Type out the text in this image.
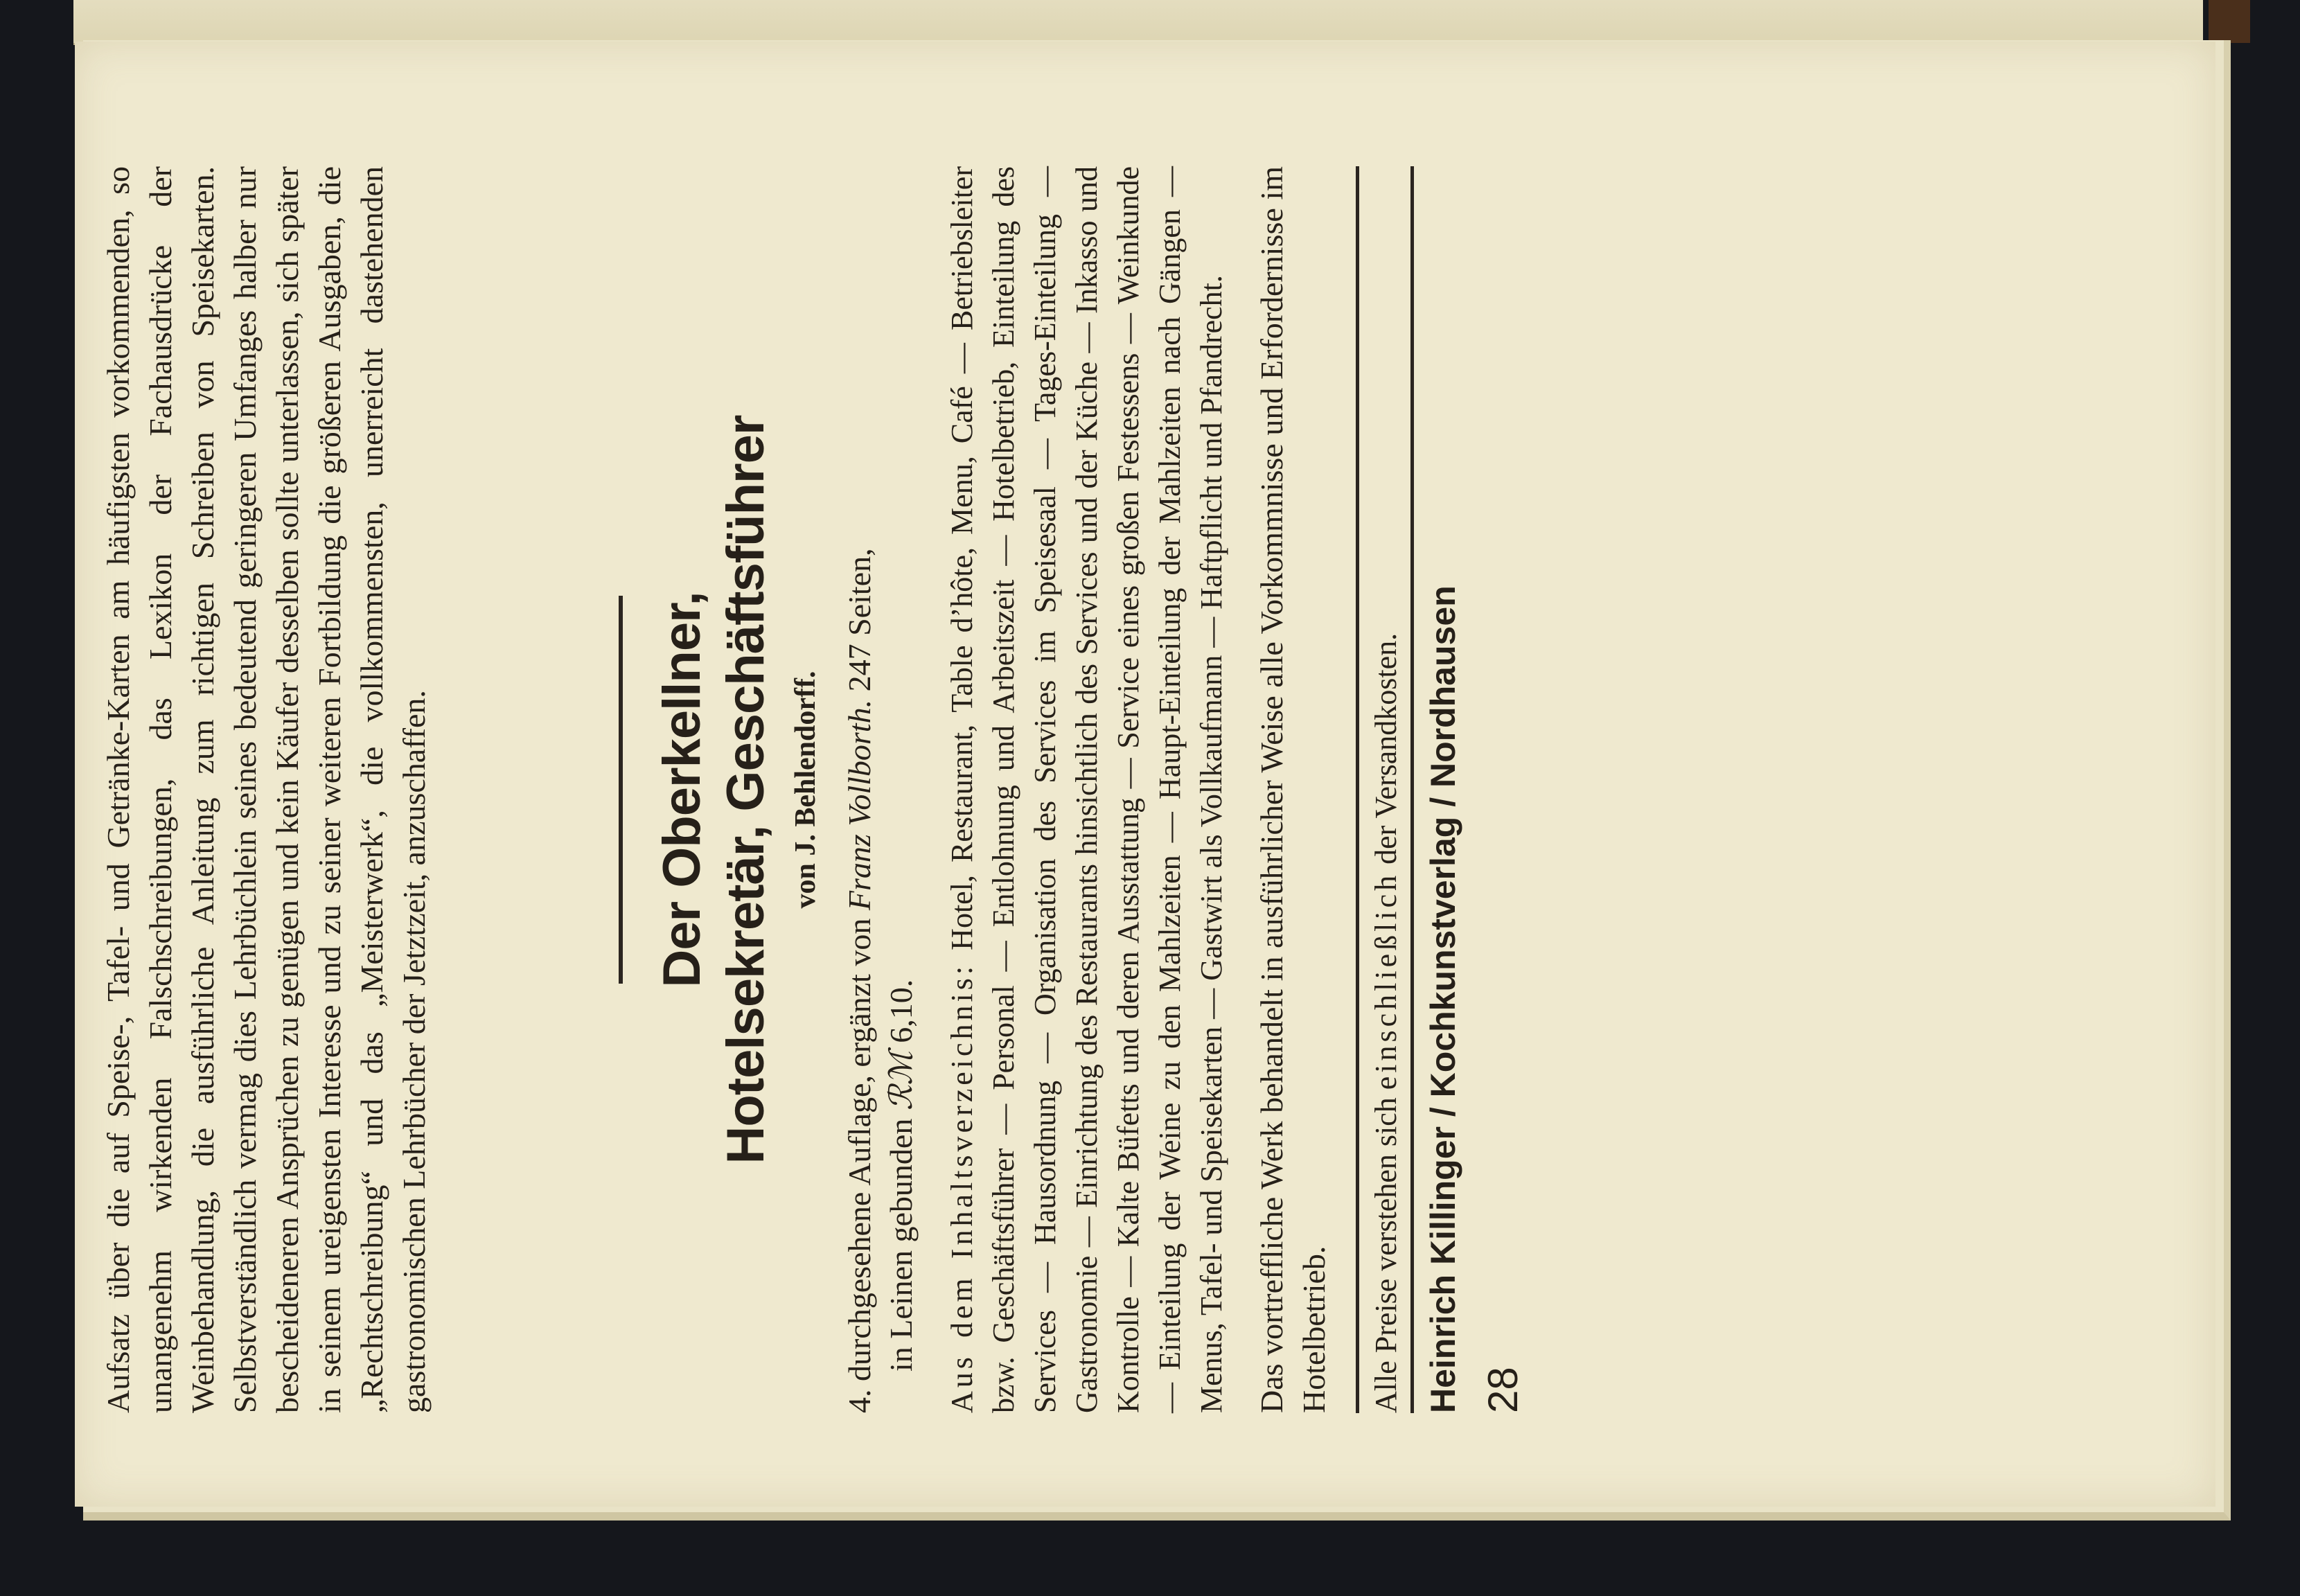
Aufsatz über die auf Speise-, Tafel- und Getränke-Karten am häufigsten vorkommenden, so unangenehm wirkenden Falschschreibungen, das Lexikon der Fachausdrücke der Weinbehandlung, die ausführliche Anleitung zum richtigen Schreiben von Speisekarten. Selbstverständlich vermag dies Lehrbüchlein seines bedeutend geringeren Umfanges halber nur bescheideneren Ansprüchen zu genügen und kein Käufer desselben sollte unterlassen, sich später in seinem ureigensten Interesse und zu seiner weiteren Fortbildung die größeren Ausgaben, die „Rechtschreibung“ und das „Meisterwerk“, die vollkommensten, unerreicht dastehenden gastronomischen Lehrbücher der Jetztzeit, anzuschaffen.	Der Oberkellner,
Hotelsekretär, Geschäftsführer von J. Behlendorff.

4. durchgesehene Auflage, ergänzt von Franz Vollborth. 247 Seiten,
in Leinen gebunden ℛℳ 6,10. Aus dem Inhaltsverzeichnis: Hotel, Restaurant, Table d’hôte, Menu, Café — Betriebsleiter bzw. Geschäftsführer — Personal — Entlohnung und Arbeitszeit — Hotelbetrieb, Einteilung des Services — Hausordnung — Organisation des Services im Speisesaal — Tages-Einteilung — Gastronomie — Einrichtung des Restaurants hinsichtlich des Services und der Küche — Inkasso und Kontrolle — Kalte Büfetts und deren Ausstattung — Service eines großen Festessens — Weinkunde — Einteilung der Weine zu den Mahlzeiten — Haupt-Einteilung der Mahlzeiten nach Gängen — Menus, Tafel- und Speisekarten — Gastwirt als Vollkaufmann — Haftpflicht und Pfandrecht. Das vortreffliche Werk behandelt in ausführlicher Weise alle Vorkommnisse und Erfordernisse im Hotelbetrieb. Alle Preise verstehen sich einschließlich der Versandkosten. Heinrich Killinger / Kochkunstverlag / Nordhausen 28
